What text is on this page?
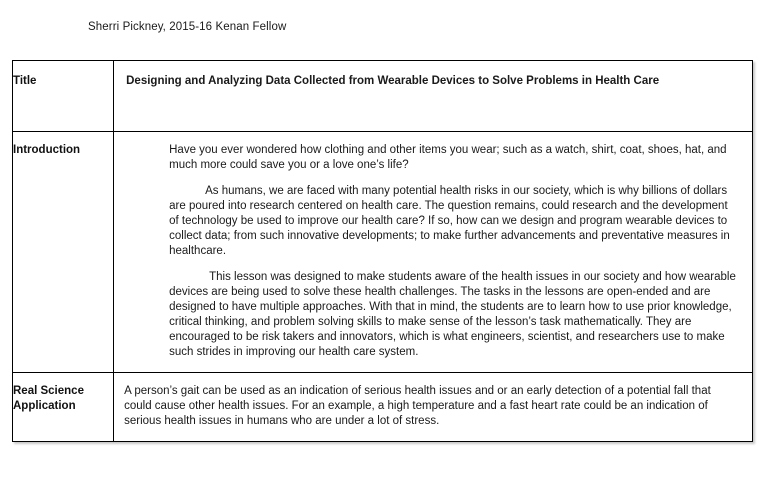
Sherri Pickney, 2015-16 Kenan Fellow
Title	Designing and Analyzing Data Collected from Wearable Devices to Solve Problems in Health Care
Introduction	Have you ever wondered how clothing and other items you wear; such as a watch, shirt, coat, shoes, hat, and much more could save you or a love one’s life?

As humans, we are faced with many potential health risks in our society, which is why billions of dollars are poured into research centered on health care. The question remains, could research and the development of technology be used to improve our health care? If so, how can we design and program wearable devices to collect data; from such innovative developments; to make further advancements and preventative measures in healthcare.

This lesson was designed to make students aware of the health issues in our society and how wearable devices are being used to solve these health challenges. The tasks in the lessons are open-ended and are designed to have multiple approaches. With that in mind, the students are to learn how to use prior knowledge, critical thinking, and problem solving skills to make sense of the lesson’s task mathematically. They are encouraged to be risk takers and innovators, which is what engineers, scientist, and researchers use to make such strides in improving our health care system.

Real Science Application	A person’s gait can be used as an indication of serious health issues and or an early detection of a potential fall that could cause other health issues. For an example, a high temperature and a fast heart rate could be an indication of serious health issues in humans who are under a lot of stress.
